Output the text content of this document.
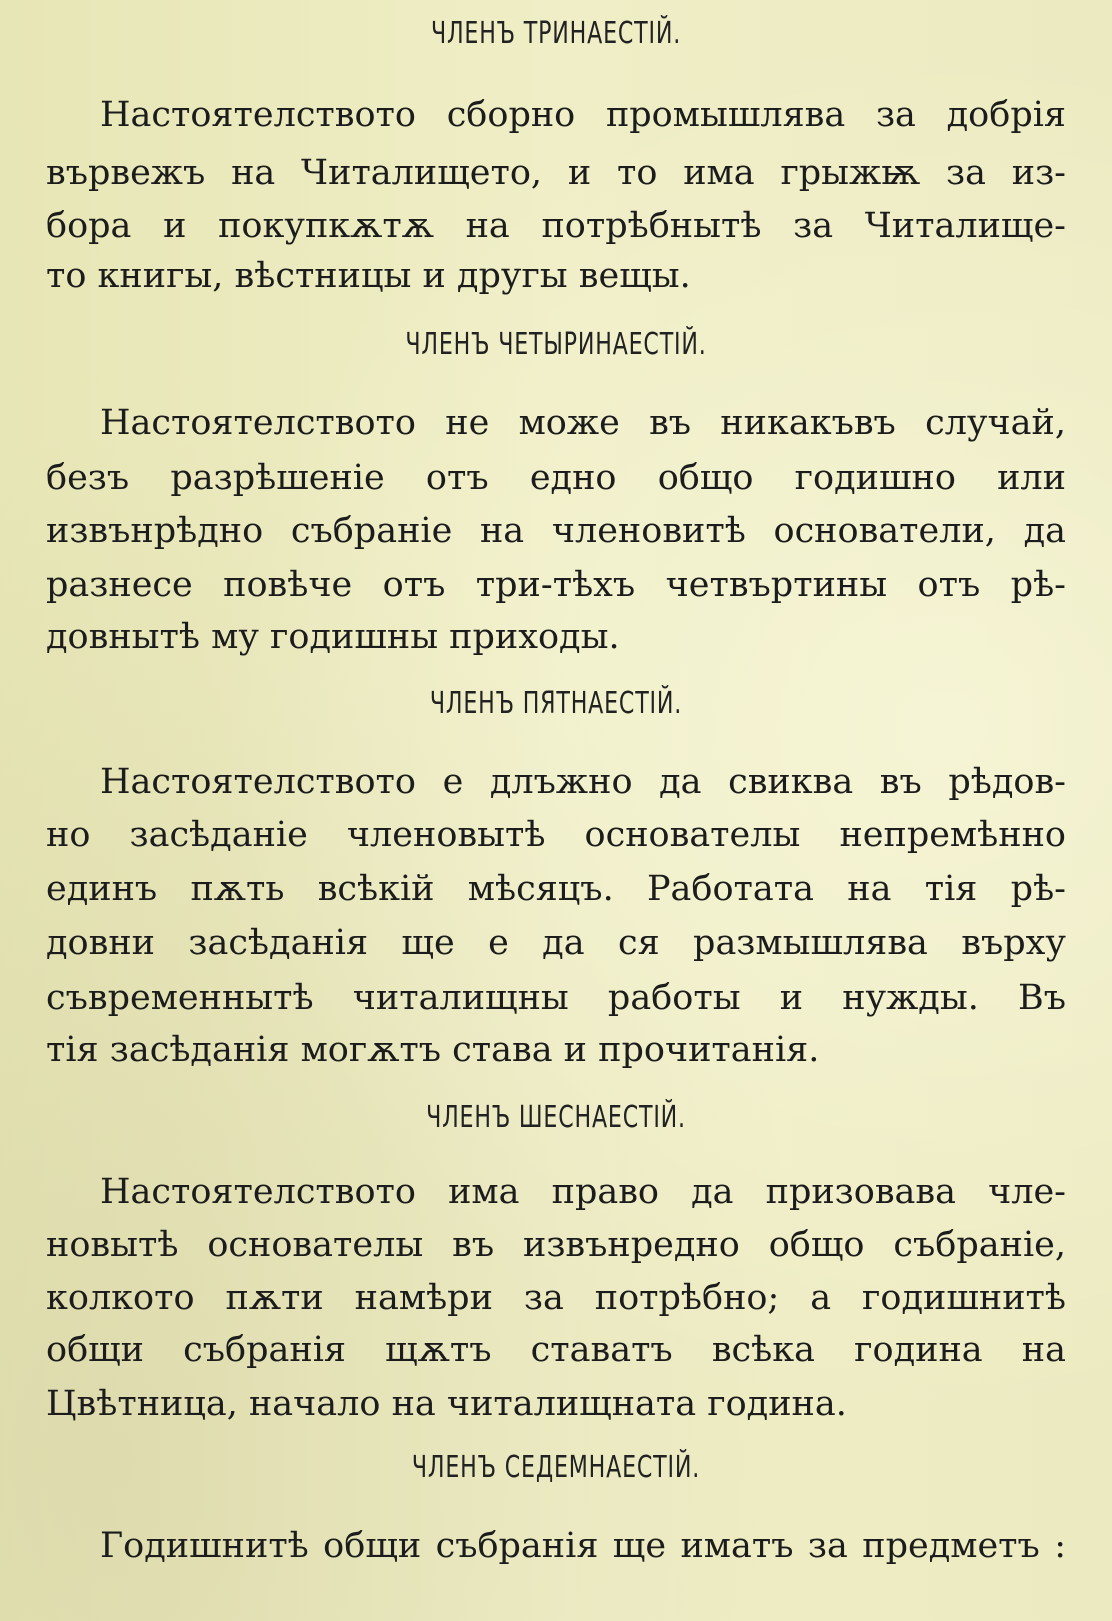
ЧЛЕНЪ ТРИНАЕСТІЙ.
Настоятелството сборно промышлява за добрія
вървежъ на Читалището, и то има грыжѭ за из-
бора и покупкѫтѫ на потрѣбнытѣ за Читалище-
то книгы, вѣстницы и другы вещы.
ЧЛЕНЪ ЧЕТЫРИНАЕСТІЙ.
Настоятелството не може въ никакъвъ случай,
безъ разрѣшеніе отъ едно общо годишно или
извънрѣдно събраніе на членовитѣ основатели, да
разнесе повѣче отъ три-тѣхъ четвъртины отъ рѣ-
довнытѣ му годишны приходы.
ЧЛЕНЪ ПЯТНАЕСТІЙ.
Настоятелството е длъжно да свиква въ рѣдов-
но засѣданіе членовытѣ основателы непремѣнно
единъ пѫть всѣкій мѣсяцъ. Работата на тія рѣ-
довни засѣданія ще е да ся размышлява върху
съвременнытѣ читалищны работы и нужды. Въ
тія засѣданія могѫтъ става и прочитанія.
ЧЛЕНЪ ШЕСНАЕСТІЙ.
Настоятелството има право да призовава чле-
новытѣ основателы въ извънредно общо събраніе,
колкото пѫти намѣри за потрѣбно; а годишнитѣ
общи събранія щѫтъ ставатъ всѣка година на
Цвѣтница, начало на читалищната година.
ЧЛЕНЪ СЕДЕМНАЕСТІЙ.
Годишнитѣ общи събранія ще иматъ за предметъ :
